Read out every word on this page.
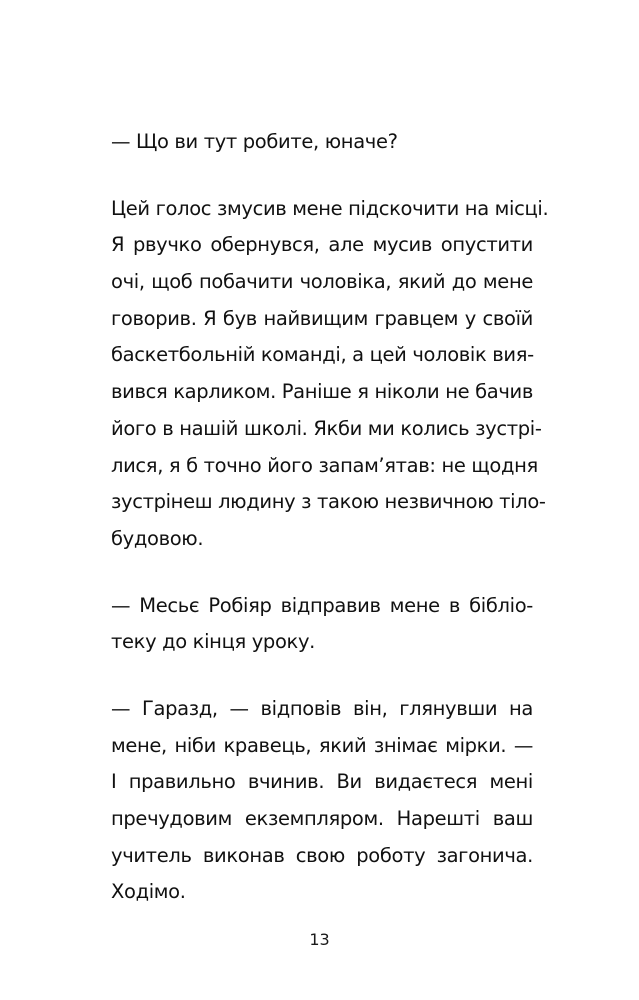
— Що ви тут робите, юначе?
Цей голос змусив мене підскочити на місці.
Я рвучко обернувся, але мусив опустити
очі, щоб побачити чоловіка, який до мене
говорив. Я був найвищим гравцем у своїй
баскетбольній команді, а цей чоловік вия-
вився карликом. Раніше я ніколи не бачив
його в нашій школі. Якби ми колись зустрі-
лися, я б точно його запам’ятав: не щодня
зустрінеш людину з такою незвичною тіло-
будовою.
— Месьє Робіяр відправив мене в бібліо-
теку до кінця уроку.
— Гаразд, — відповів він, глянувши на
мене, ніби кравець, який знімає мірки. —
І правильно вчинив. Ви видаєтеся мені
пречудовим екземпляром. Нарешті ваш
учитель виконав свою роботу загонича.
Ходімо.
13
